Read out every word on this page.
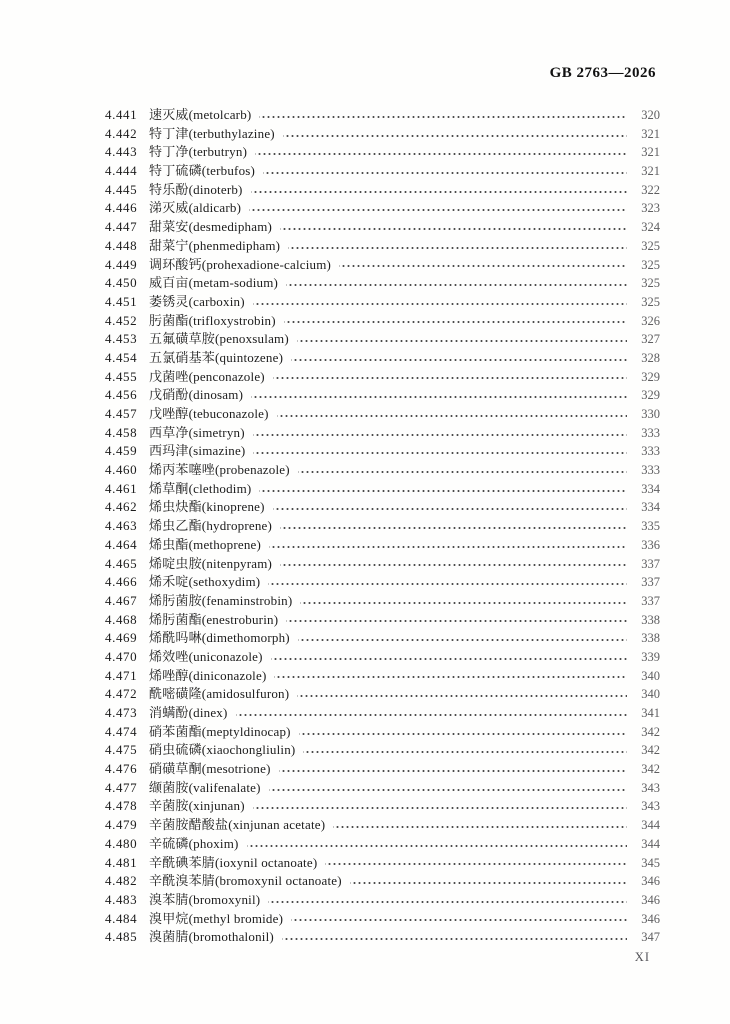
GB 2763—2026
4.441 速灭威(metolcarb)	320
4.442 特丁津(terbuthylazine)	321
4.443 特丁净(terbutryn)	321
4.444 特丁硫磷(terbufos)	321
4.445 特乐酚(dinoterb)	322
4.446 涕灭威(aldicarb)	323
4.447 甜菜安(desmedipham)	324
4.448 甜菜宁(phenmedipham)	325
4.449 调环酸钙(prohexadione-calcium)	325
4.450 威百亩(metam-sodium)	325
4.451 萎锈灵(carboxin)	325
4.452 肟菌酯(trifloxystrobin)	326
4.453 五氟磺草胺(penoxsulam)	327
4.454 五氯硝基苯(quintozene)	328
4.455 戊菌唑(penconazole)	329
4.456 戊硝酚(dinosam)	329
4.457 戊唑醇(tebuconazole)	330
4.458 西草净(simetryn)	333
4.459 西玛津(simazine)	333
4.460 烯丙苯噻唑(probenazole)	333
4.461 烯草酮(clethodim)	334
4.462 烯虫炔酯(kinoprene)	334
4.463 烯虫乙酯(hydroprene)	335
4.464 烯虫酯(methoprene)	336
4.465 烯啶虫胺(nitenpyram)	337
4.466 烯禾啶(sethoxydim)	337
4.467 烯肟菌胺(fenaminstrobin)	337
4.468 烯肟菌酯(enestroburin)	338
4.469 烯酰吗啉(dimethomorph)	338
4.470 烯效唑(uniconazole)	339
4.471 烯唑醇(diniconazole)	340
4.472 酰嘧磺隆(amidosulfuron)	340
4.473 消螨酚(dinex)	341
4.474 硝苯菌酯(meptyldinocap)	342
4.475 硝虫硫磷(xiaochongliulin)	342
4.476 硝磺草酮(mesotrione)	342
4.477 缬菌胺(valifenalate)	343
4.478 辛菌胺(xinjunan)	343
4.479 辛菌胺醋酸盐(xinjunan acetate)	344
4.480 辛硫磷(phoxim)	344
4.481 辛酰碘苯腈(ioxynil octanoate)	345
4.482 辛酰溴苯腈(bromoxynil octanoate)	346
4.483 溴苯腈(bromoxynil)	346
4.484 溴甲烷(methyl bromide)	346
4.485 溴菌腈(bromothalonil)	347
XI
